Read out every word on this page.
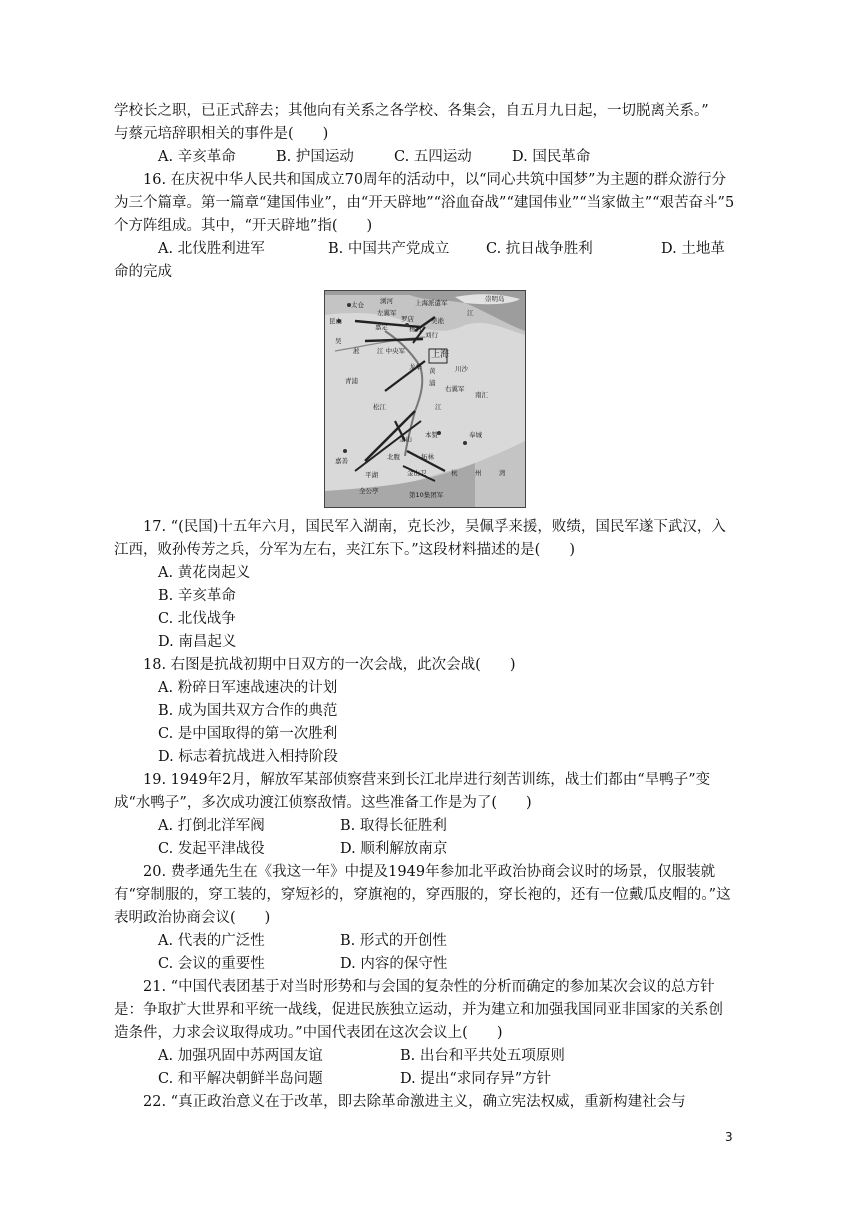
学校长之职，已正式辞去；其他向有关系之各学校、各集会，自五月九日起，一切脱离关系。”

与蔡元培辞职相关的事件是(　　)

A. 辛亥革命	B. 护国运动	C. 五四运动	D. 国民革命

16. 在庆祝中华人民共和国成立70周年的活动中，以“同心共筑中国梦”为主题的群众游行分为三个篇章。第一篇章“建国伟业”，由“开天辟地”“浴血奋战”“建国伟业”“当家做主”“艰苦奋斗”5个方阵组成。其中，“开天辟地”指(　　)

A. 北伐胜利进军	B. 中国共产党成立	C. 抗日战争胜利	D. 土地革

命的完成

崇明岛
太仓 浏河	上海派遣军
左翼军
罗店
嘉定
江
吴淞
杨行
昆山
刘行
吴
淞	江 中央军	上海
龙华 黄	川沙
青浦	浦
右翼军
南汇
松江	江
本赞	奉城
金山
北腹	拓林
金山卫
嘉善
平湖	杭	州	湾
全公亭	第10集团军

17. “(民国)十五年六月，国民军入湖南，克长沙，吴佩孚来援，败绩，国民军遂下武汉，入江西，败孙传芳之兵，分军为左右，夹江东下。”这段材料描述的是(　　)

A. 黄花岗起义

B. 辛亥革命

C. 北伐战争

D. 南昌起义

18. 右图是抗战初期中日双方的一次会战，此次会战(　　)

A. 粉碎日军速战速决的计划

B. 成为国共双方合作的典范

C. 是中国取得的第一次胜利

D. 标志着抗战进入相持阶段

19. 1949年2月，解放军某部侦察营来到长江北岸进行刻苦训练，战士们都由“旱鸭子”变成“水鸭子”，多次成功渡江侦察敌情。这些准备工作是为了(　　)

A. 打倒北洋军阀	B. 取得长征胜利
C. 发起平津战役	D. 顺利解放南京

20. 费孝通先生在《我这一年》中提及1949年参加北平政治协商会议时的场景，仅服装就有“穿制服的，穿工装的，穿短衫的，穿旗袍的，穿西服的，穿长袍的，还有一位戴瓜皮帽的。”这表明政治协商会议(　　)

A. 代表的广泛性	B. 形式的开创性
C. 会议的重要性	D. 内容的保守性

21. “中国代表团基于对当时形势和与会国的复杂性的分析而确定的参加某次会议的总方针是：争取扩大世界和平统一战线，促进民族独立运动，并为建立和加强我国同亚非国家的关系创造条件，力求会议取得成功。”中国代表团在这次会议上(　　)

A. 加强巩固中苏两国友谊	B. 出台和平共处五项原则
C. 和平解决朝鲜半岛问题	D. 提出“求同存异”方针

22. “真正政治意义在于改革，即去除革命激进主义，确立宪法权威，重新构建社会与

3
